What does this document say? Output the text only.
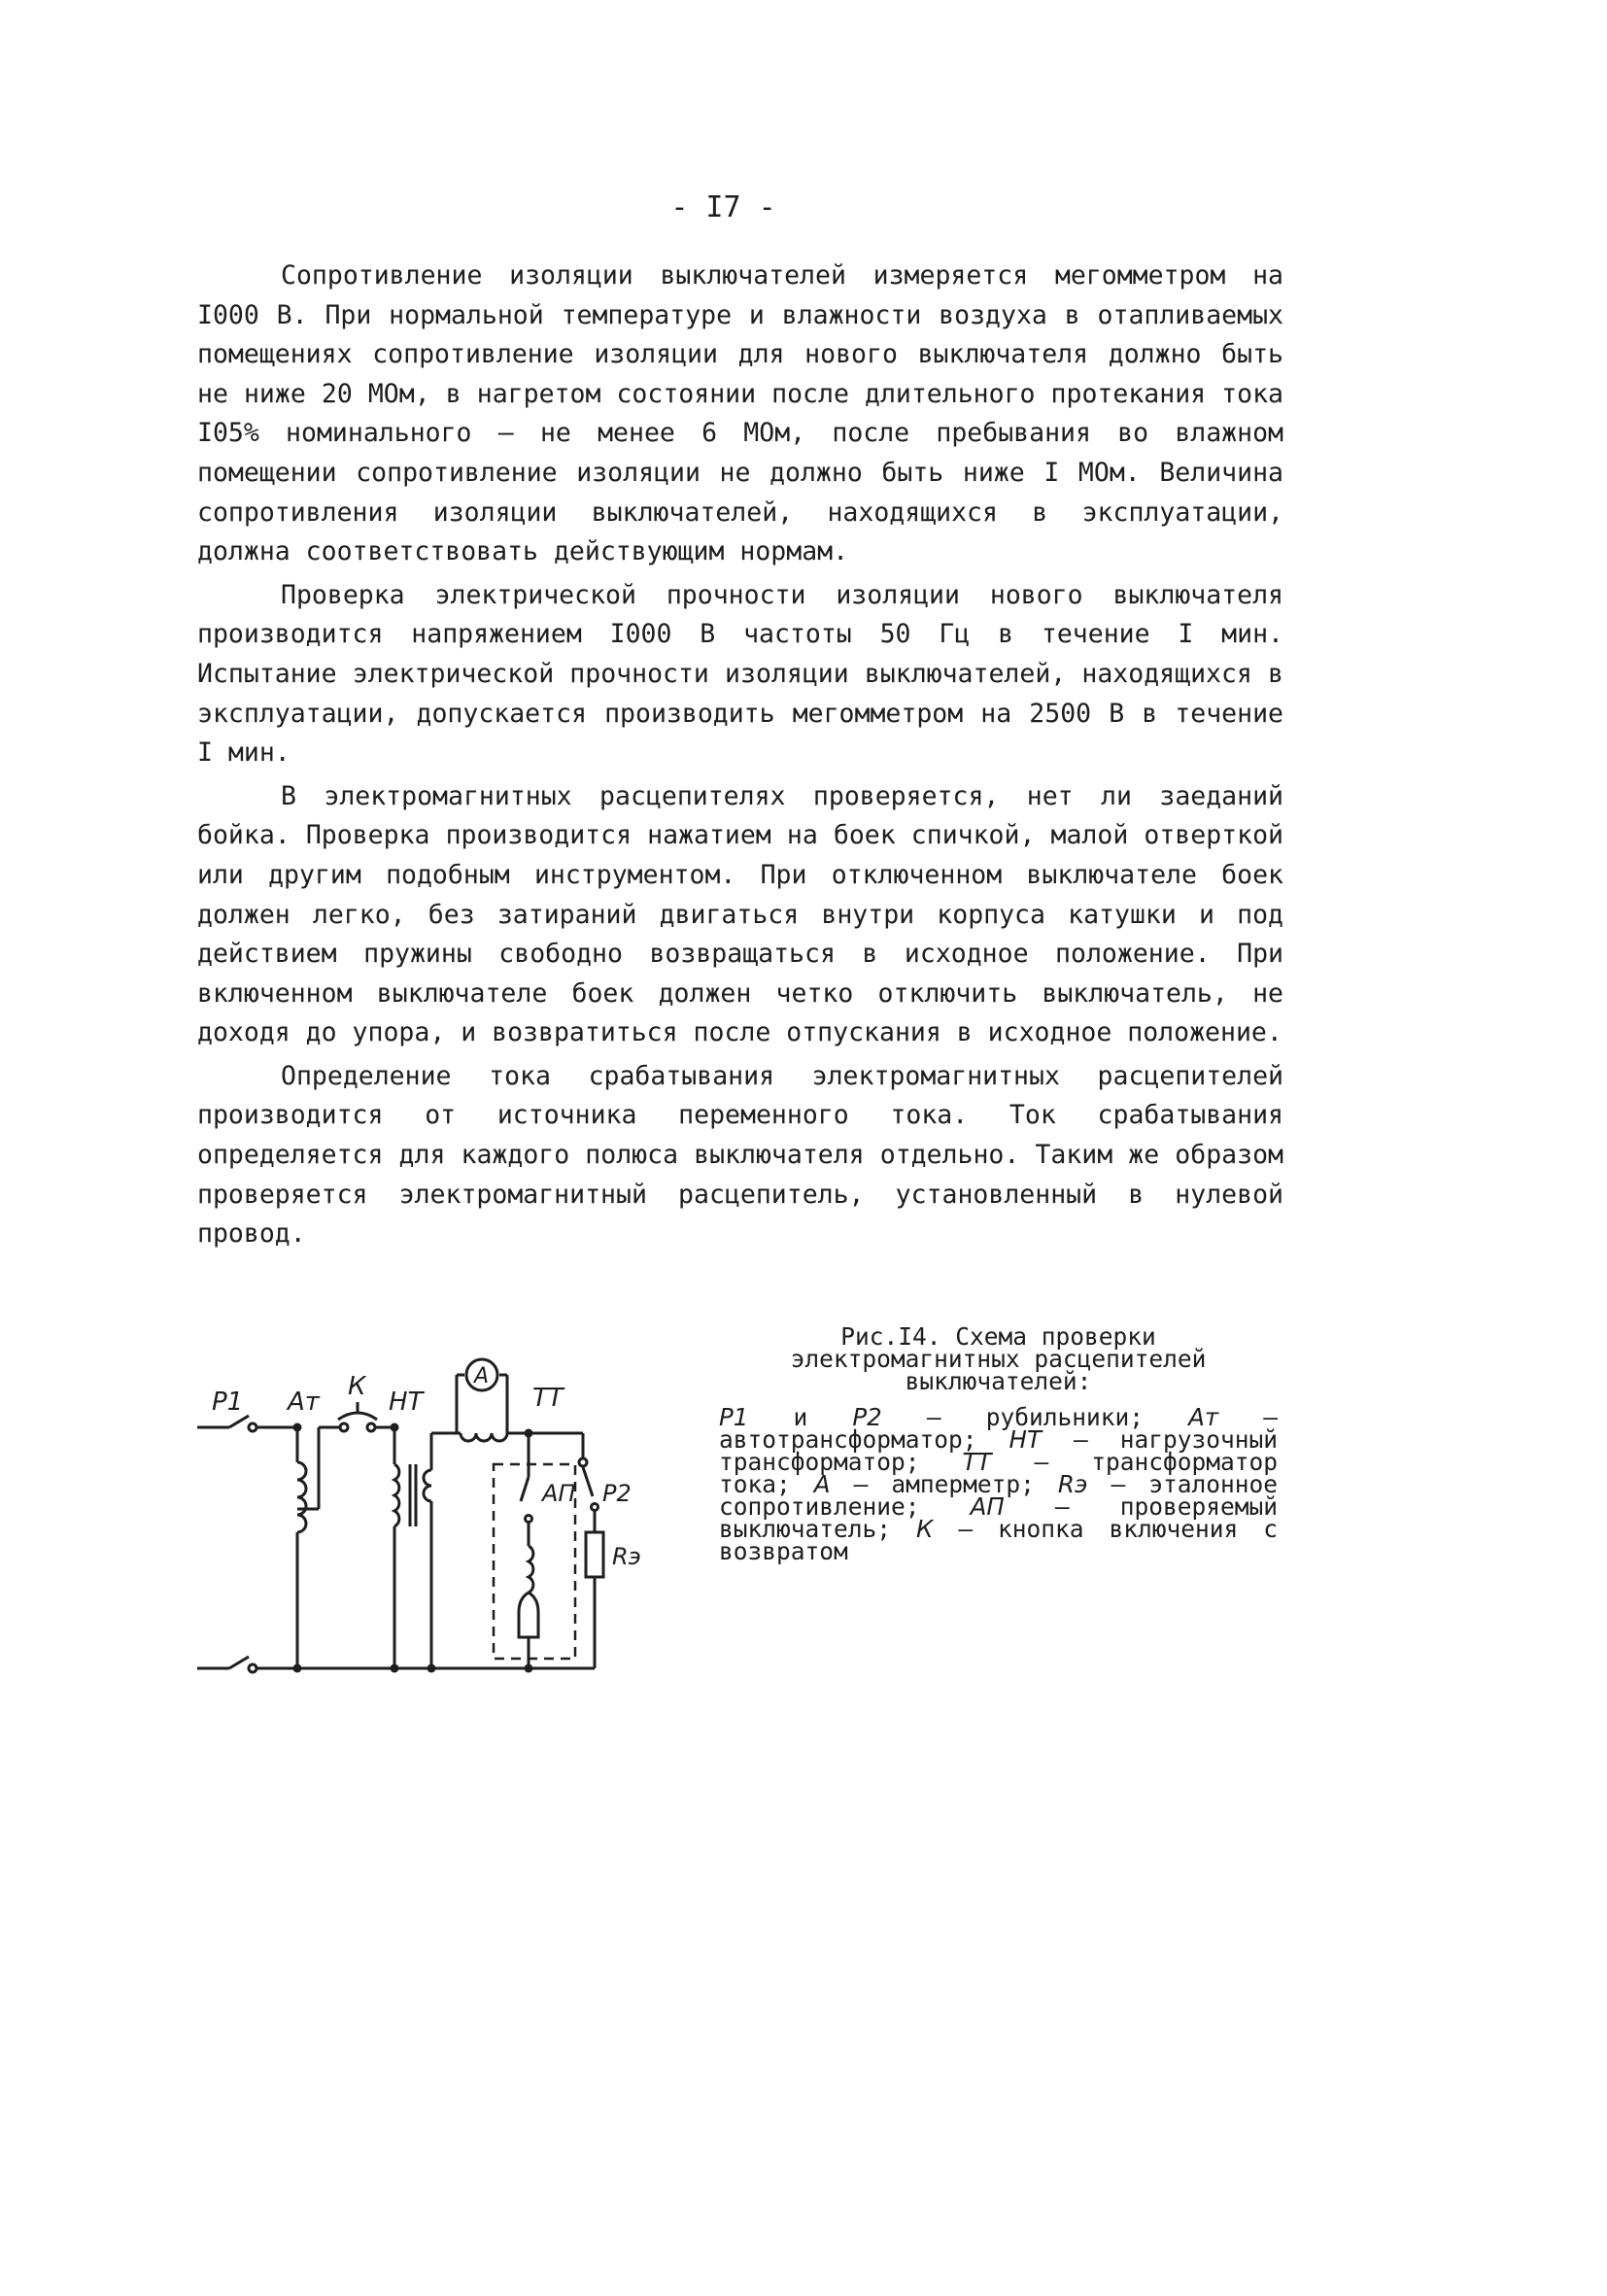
- I7 -

Сопротивление изоляции выключателей измеряется мегомметром на I000 В. При нормальной температуре и влажности воздуха в отапливаемых помещениях сопротивление изоляции для нового выключателя должно быть не ниже 20 МОм, в нагретом состоянии после длительного протекания тока I05% номинального – не менее 6 МОм, после пребывания во влажном помещении сопротивление изоляции не должно быть ниже I МОм. Величина сопротивления изоляции выключателей, находящихся в эксплуатации, должна соответствовать действующим нормам.

Проверка электрической прочности изоляции нового выключателя производится напряжением I000 В частоты 50 Гц в течение I мин. Испытание электрической прочности изоляции выключателей, находящихся в эксплуатации, допускается производить мегомметром на 2500 В в течение I мин.

В электромагнитных расцепителях проверяется, нет ли заеданий бойка. Проверка производится нажатием на боек спичкой, малой отверткой или другим подобным инструментом. При отключенном выключателе боек должен легко, без затираний двигаться внутри корпуса катушки и под действием пружины свободно возвращаться в исходное положение. При включенном выключателе боек должен четко отключить выключатель, не доходя до упора, и возвратиться после отпускания в исходное положение.

Определение тока срабатывания электромагнитных расцепителей производится от источника переменного тока. Ток срабатывания определяется для каждого полюса выключателя отдельно. Таким же образом проверяется электромагнитный расцепитель, установленный в нулевой провод.

P1 Ат
К
НТ
А
ТТ
АП P2
Rэ

Рис.I4. Схема проверки электромагнитных расцепителей выключателей:

P1 и P2 – рубильники; Ат – автотрансформатор; НТ – нагрузочный трансформатор; ТТ – трансформатор тока; А – амперметр; Rэ – эталонное сопротивление; АП – проверяемый выключатель; К – кнопка включения с возвратом
